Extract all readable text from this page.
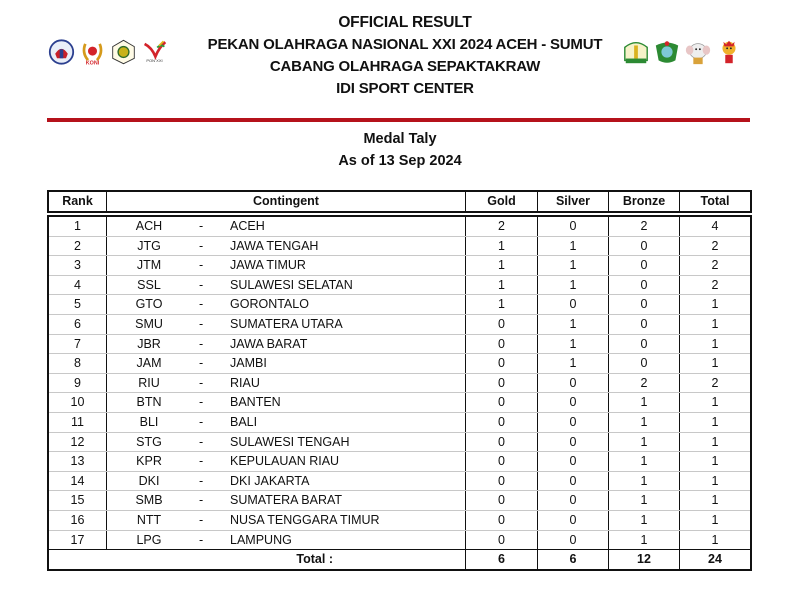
KONI
PON XXI
OFFICIAL RESULT
PEKAN OLAHRAGA NASIONAL XXI 2024 ACEH - SUMUT
CABANG OLAHRAGA SEPAKTAKRAW
IDI SPORT CENTER
Medal Taly
As of 13 Sep 2024
Rank	Contingent	Gold	Silver	Bronze	Total
1	ACH	- ACEH	2	0	2	4
2	JTG	- JAWA TENGAH	1	1	0	2
3	JTM	- JAWA TIMUR	1	1	0	2
4	SSL	- SULAWESI SELATAN	1	1	0	2
5	GTO	- GORONTALO	1	0	0	1
6	SMU	- SUMATERA UTARA	0	1	0	1
7	JBR	- JAWA BARAT	0	1	0	1
8	JAM	- JAMBI	0	1	0	1
9	RIU	- RIAU	0	0	2	2
10	BTN	- BANTEN	0	0	1	1
11	BLI	- BALI	0	0	1	1
12	STG	- SULAWESI TENGAH	0	0	1	1
13	KPR	- KEPULAUAN RIAU	0	0	1	1
14	DKI	- DKI JAKARTA	0	0	1	1
15	SMB	- SUMATERA BARAT	0	0	1	1
16	NTT	- NUSA TENGGARA TIMUR	0	0	1	1
17	LPG	- LAMPUNG	0	0	1	1
Total :	6	6	12	24
